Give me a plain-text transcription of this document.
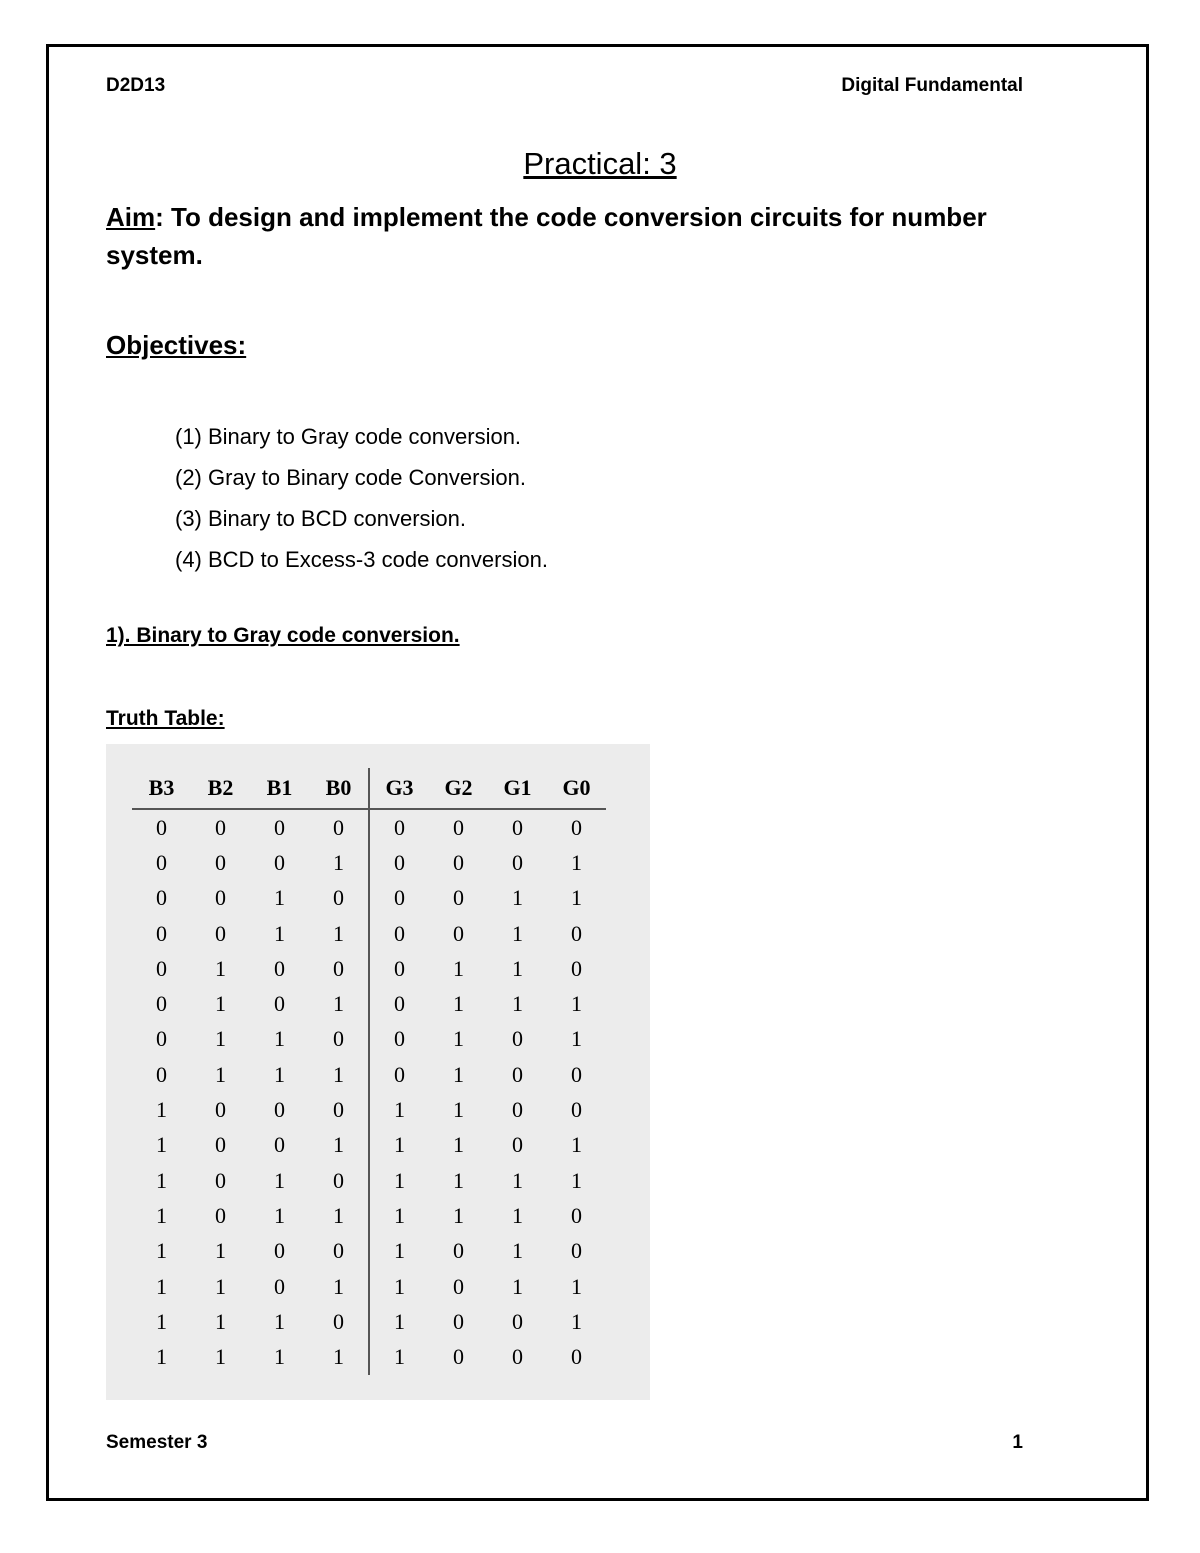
D2D13	Digital Fundamental
Practical: 3
Aim: To design and implement the code conversion circuits for number system.
Objectives:
(1) Binary to Gray code conversion.
(2) Gray to Binary code Conversion.
(3) Binary to BCD conversion.
(4) BCD to Excess-3 code conversion.
1). Binary to Gray code conversion.
Truth Table:
B3	B2	B1	B0	G3	G2	G1	G0
0	0	0	0	0	0	0	0
0	0	0	1	0	0	0	1
0	0	1	0	0	0	1	1
0	0	1	1	0	0	1	0
0	1	0	0	0	1	1	0
0	1	0	1	0	1	1	1
0	1	1	0	0	1	0	1
0	1	1	1	0	1	0	0
1	0	0	0	1	1	0	0
1	0	0	1	1	1	0	1
1	0	1	0	1	1	1	1
1	0	1	1	1	1	1	0
1	1	0	0	1	0	1	0
1	1	0	1	1	0	1	1
1	1	1	0	1	0	0	1
1	1	1	1	1	0	0	0
Semester 3	1
